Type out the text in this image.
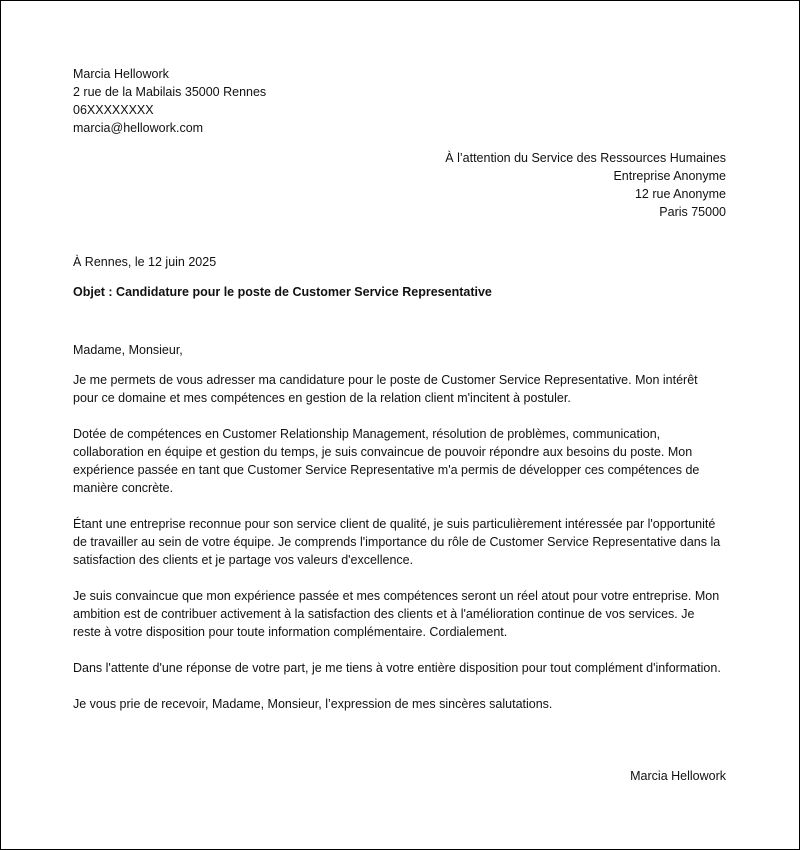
Marcia Hellowork
2 rue de la Mabilais 35000 Rennes
06XXXXXXXX
marcia@hellowork.com
À l’attention du Service des Ressources Humaines
Entreprise Anonyme
12 rue Anonyme
Paris 75000
À Rennes, le 12 juin 2025
Objet : Candidature pour le poste de Customer Service Representative

Madame, Monsieur,

Je me permets de vous adresser ma candidature pour le poste de Customer Service Representative. Mon intérêt pour ce domaine et mes compétences en gestion de la relation client m'incitent à postuler.

Dotée de compétences en Customer Relationship Management, résolution de problèmes, communication, collaboration en équipe et gestion du temps, je suis convaincue de pouvoir répondre aux besoins du poste. Mon expérience passée en tant que Customer Service Representative m'a permis de développer ces compétences de manière concrète.

Étant une entreprise reconnue pour son service client de qualité, je suis particulièrement intéressée par l'opportunité de travailler au sein de votre équipe. Je comprends l'importance du rôle de Customer Service Representative dans la satisfaction des clients et je partage vos valeurs d'excellence.

Je suis convaincue que mon expérience passée et mes compétences seront un réel atout pour votre entreprise. Mon ambition est de contribuer activement à la satisfaction des clients et à l'amélioration continue de vos services. Je reste à votre disposition pour toute information complémentaire. Cordialement.

Dans l'attente d'une réponse de votre part, je me tiens à votre entière disposition pour tout complément d'information.

Je vous prie de recevoir, Madame, Monsieur, l’expression de mes sincères salutations.

Marcia Hellowork
